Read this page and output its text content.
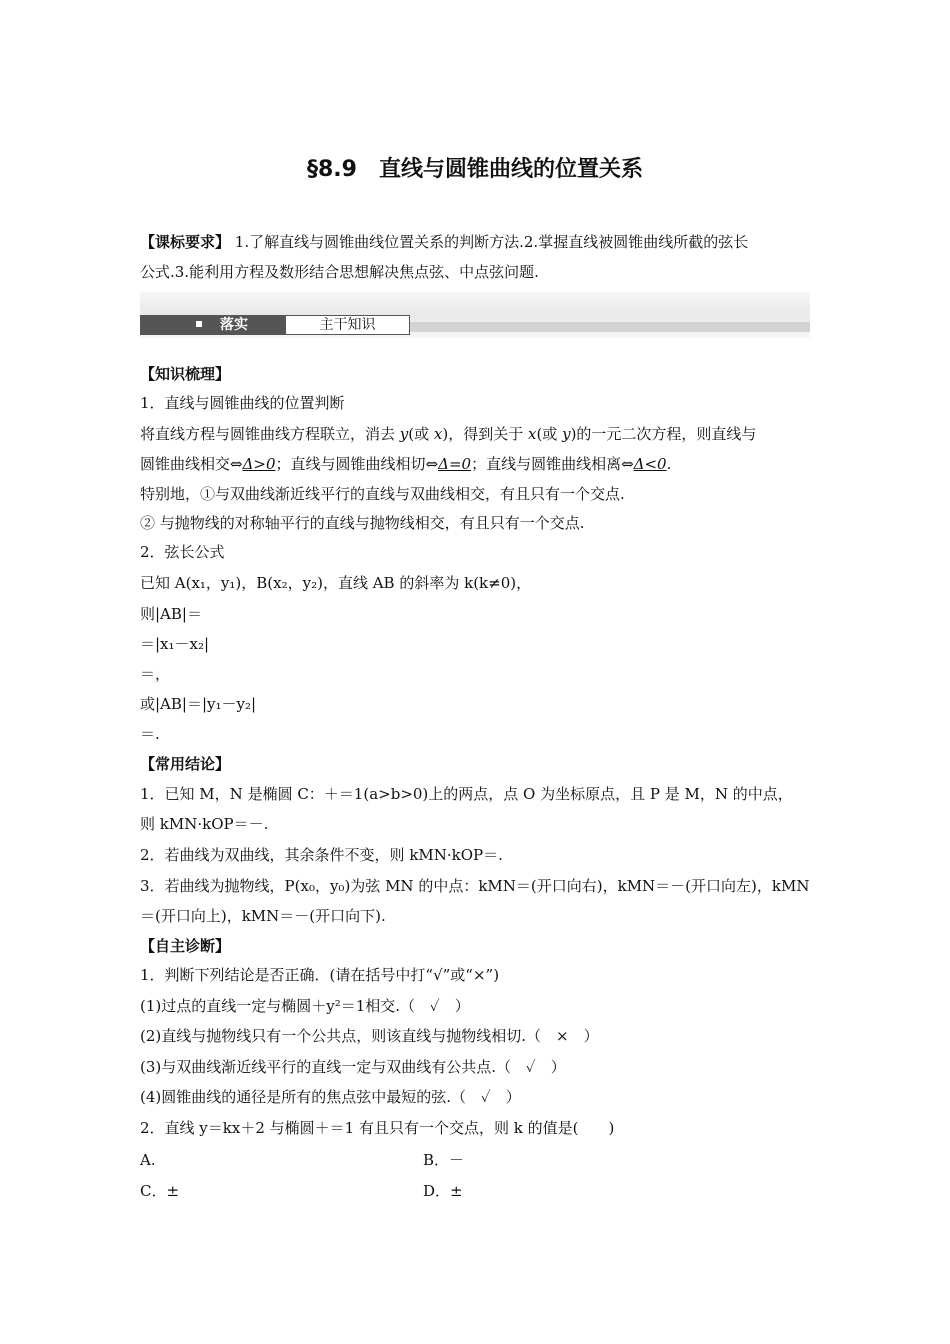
§8.9 直线与圆锥曲线的位置关系
【课标要求】 1.了解直线与圆锥曲线位置关系的判断方法.2.掌握直线被圆锥曲线所截的弦长
公式.3.能利用方程及数形结合思想解决焦点弦、中点弦问题.
落实	主干知识
【知识梳理】
1．直线与圆锥曲线的位置判断
将直线方程与圆锥曲线方程联立，消去 y(或 x)，得到关于 x(或 y)的一元二次方程，则直线与
圆锥曲线相交⇔Δ>0；直线与圆锥曲线相切⇔Δ=0；直线与圆锥曲线相离⇔Δ<0.
特别地，①与双曲线渐近线平行的直线与双曲线相交，有且只有一个交点.
② 与抛物线的对称轴平行的直线与抛物线相交，有且只有一个交点.
2．弦长公式
已知 A(x₁，y₁)，B(x₂，y₂)，直线 AB 的斜率为 k(k≠0)，
则|AB|＝
＝|x₁－x₂|
＝，
或|AB|＝|y₁－y₂|
＝.
【常用结论】
1．已知 M，N 是椭圆 C：＋＝1(a>b>0)上的两点，点 O 为坐标原点，且 P 是 M，N 的中点，
则 kMN·kOP＝－.
2．若曲线为双曲线，其余条件不变，则 kMN·kOP＝.
3．若曲线为抛物线，P(x₀，y₀)为弦 MN 的中点：kMN＝(开口向右)，kMN＝－(开口向左)，kMN
＝(开口向上)，kMN＝－(开口向下).
【自主诊断】
1．判断下列结论是否正确．(请在括号中打“√”或“×”)
(1)过点的直线一定与椭圆＋y²＝1相交.（　✓　）
(2)直线与抛物线只有一个公共点，则该直线与抛物线相切.（　×　）
(3)与双曲线渐近线平行的直线一定与双曲线有公共点.（　✓　）
(4)圆锥曲线的通径是所有的焦点弦中最短的弦.（　✓　）
2．直线 y＝kx＋2 与椭圆＋＝1 有且只有一个交点，则 k 的值是(　　)
A.	B．－
C．±	D．±
